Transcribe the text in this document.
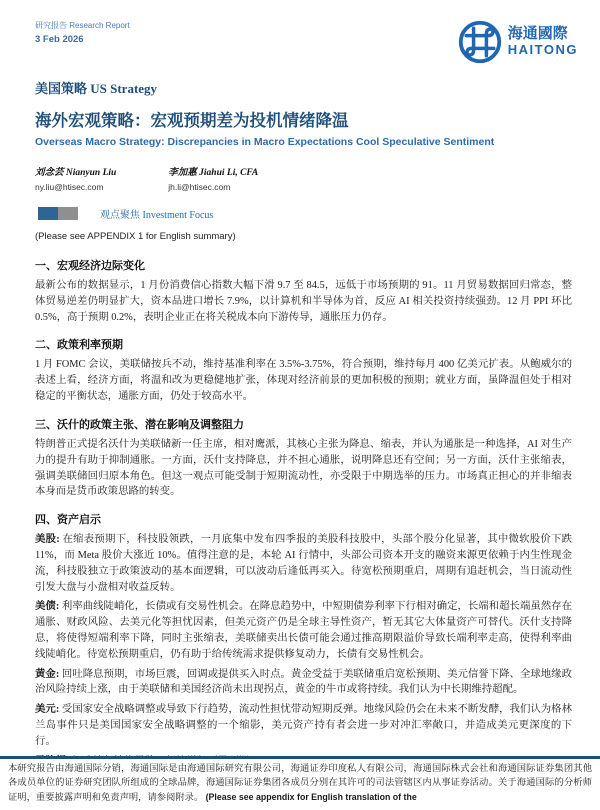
研究报告 Research Report
3 Feb 2026	海通國際
HAITONG
美国策略 US Strategy
海外宏观策略：宏观预期差为投机情绪降温
Overseas Macro Strategy: Discrepancies in Macro Expectations Cool Speculative Sentiment
刘念芸 Nianyun Liu
ny.liu@htisec.com
李加惠 Jiahui Li, CFA
jh.li@htisec.com
观点聚焦 Investment Focus
(Please see APPENDIX 1 for English summary)
一、宏观经济边际变化

最新公布的数据显示，1 月份消费信心指数大幅下滑 9.7 至 84.5，远低于市场预期的 91。11 月贸易数据回归常态，整体贸易逆差仍明显扩大，资本品进口增长 7.9%，以计算机和半导体为首，反应 AI 相关投资持续强劲。12 月 PPI 环比 0.5%，高于预期 0.2%，表明企业正在将关税成本向下游传导，通胀压力仍存。

二、政策利率预期

1 月 FOMC 会议，美联储按兵不动，维持基准利率在 3.5%-3.75%，符合预期，维持每月 400 亿美元扩表。从鲍威尔的表述上看，经济方面，将温和改为更稳健地扩张，体现对经济前景的更加积极的预期；就业方面，虽降温但处于相对稳定的平衡状态，通胀方面，仍处于较高水平。

三、沃什的政策主张、潜在影响及调整阻力

特朗普正式提名沃什为美联储新一任主席，相对鹰派，其核心主张为降息、缩表，并认为通胀是一种选择，AI 对生产力的提升有助于抑制通胀。一方面，沃什支持降息，并不担心通胀，说明降息还有空间；另一方面，沃什主张缩表，强调美联储回归原本角色。但这一观点可能受制于短期流动性，亦受限于中期选举的压力。市场真正担心的并非缩表本身而是货币政策思路的转变。

四、资产启示

美股: 在缩表预期下，科技股领跌，一月底集中发布四季报的美股科技股中，头部个股分化显著，其中微软股价下跌 11%，而 Meta 股价大涨近 10%。值得注意的是，本轮 AI 行情中，头部公司资本开支的融资来源更依赖于内生性现金流，科技股独立于政策波动的基本面逻辑，可以波动后逢低再买入。待宽松预期重启，周期有追赶机会，当日流动性引发大盘与小盘相对收益反转。

美债: 利率曲线陡峭化，长债或有交易性机会。在降息趋势中，中短期债券利率下行相对确定，长端和超长端虽然存在通胀、财政风险、去美元化等担忧因素，但美元资产仍是全球主导性资产，暂无其它大体量资产可替代。沃什支持降息，将使得短端利率下降，同时主张缩表，美联储卖出长债可能会通过推高期限溢价导致长端利率走高，使得利率曲线陡峭化。待宽松预期重启，仍有助于给传统需求提供修复动力，长债有交易性机会。

黄金: 回吐降息预期，市场巨震，回调或提供买入时点。黄金受益于美联储重启宽松预期、美元信誉下降、全球地缘政治风险持续上涨，由于美联储和美国经济尚未出现拐点，黄金的牛市或将持续。我们认为中长期维持超配。

美元: 受国家安全战略调整或导致下行趋势，流动性担忧带动短期反弹。地缘风险仍会在未来不断发酵，我们认为格林兰岛事件只是美国国家安全战略调整的一个缩影，美元资产持有者会进一步对冲汇率敞口，并造成美元更深度的下行。

本研究报告由海通国际分销，海通国际是由海通国际研究有限公司，海通证券印度私人有限公司，海通国际株式会社和海通国际证券集团其他各成员单位的证券研究团队所组成的全球品牌，海通国际证券集团各成员分别在其许可的司法管辖区内从事证券活动。关于海通国际的分析师证明，重要披露声明和免责声明，请参阅附录。 (Please see appendix for English translation of the
